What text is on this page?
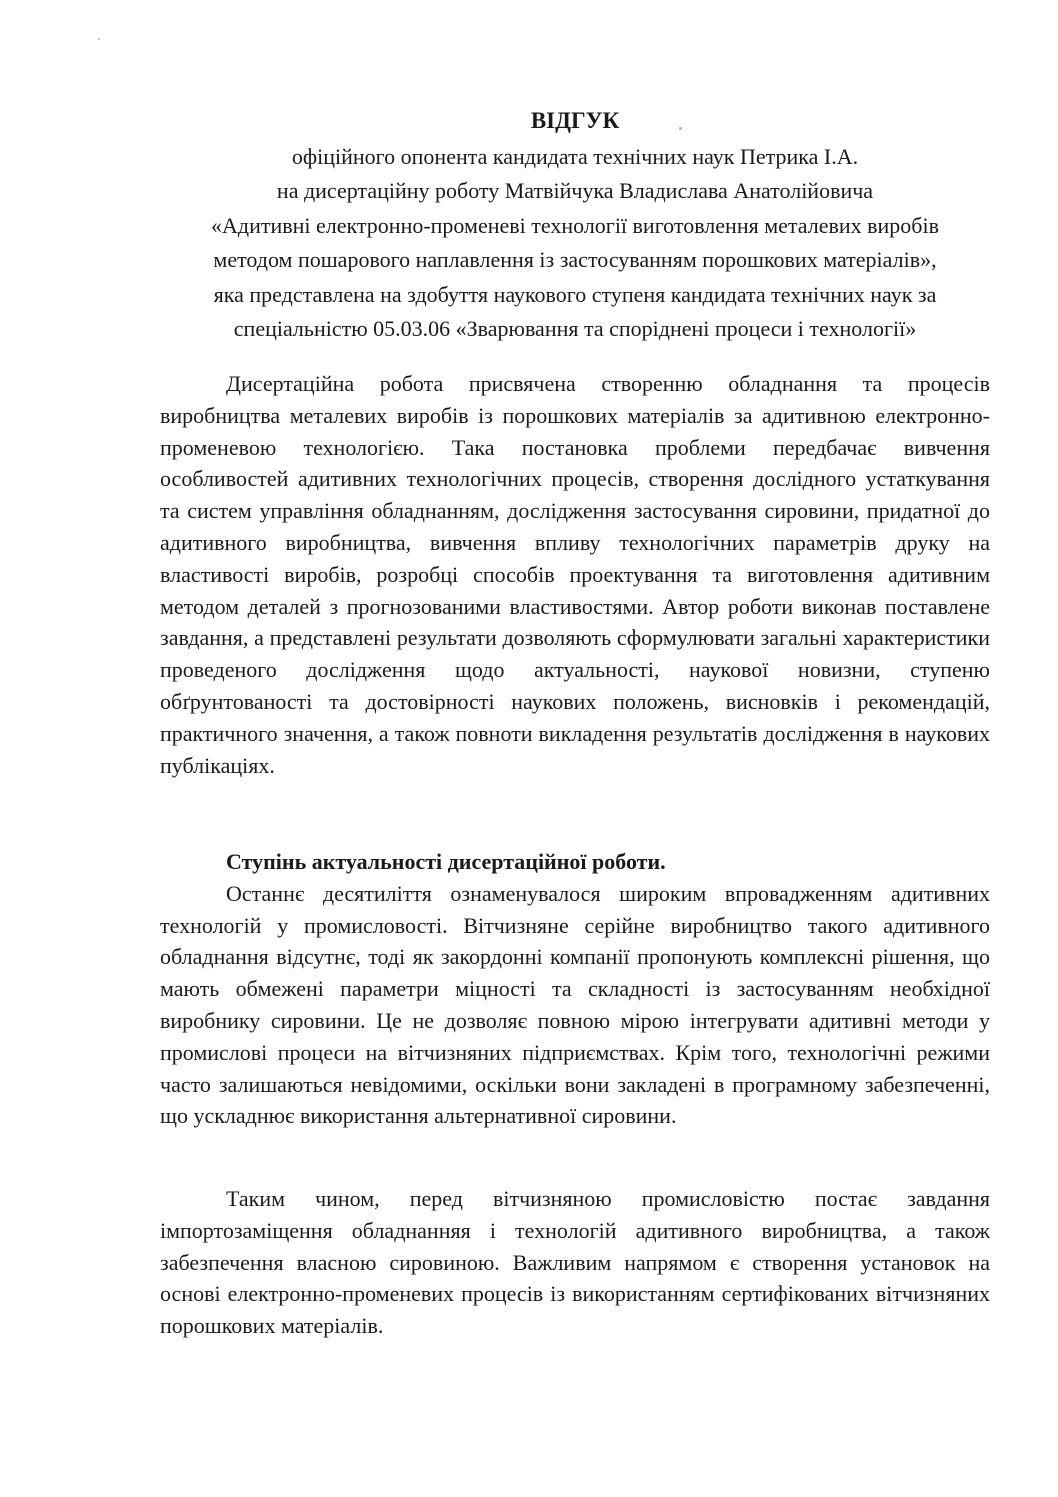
ВІДГУК
офіційного опонента кандидата технічних наук Петрика І.А.
на дисертаційну роботу Матвійчука Владислава Анатолійовича
«Адитивні електронно-променеві технології виготовлення металевих виробів
методом пошарового наплавлення із застосуванням порошкових матеріалів»,
яка представлена на здобуття наукового ступеня кандидата технічних наук за
спеціальністю 05.03.06 «Зварювання та споріднені процеси і технології»

Дисертаційна робота присвячена створенню обладнання та процесів виробництва металевих виробів із порошкових матеріалів за адитивною електронно-променевою технологією. Така постановка проблеми передбачає вивчення особливостей адитивних технологічних процесів, створення дослідного устаткування та систем управління обладнанням, дослідження застосування сировини, придатної до адитивного виробництва, вивчення впливу технологічних параметрів друку на властивості виробів, розробці способів проектування та виготовлення адитивним методом деталей з прогнозованими властивостями. Автор роботи виконав поставлене завдання, а представлені результати дозволяють сформулювати загальні характеристики проведеного дослідження щодо актуальності, наукової новизни, ступеню обґрунтованості та достовірності наукових положень, висновків і рекомендацій, практичного значення, а також повноти викладення результатів дослідження в наукових публікаціях.

Ступінь актуальності дисертаційної роботи.

Останнє десятиліття ознаменувалося широким впровадженням адитивних технологій у промисловості. Вітчизняне серійне виробництво такого адитивного обладнання відсутнє, тоді як закордонні компанії пропонують комплексні рішення, що мають обмежені параметри міцності та складності із застосуванням необхідної виробнику сировини. Це не дозволяє повною мірою інтегрувати адитивні методи у промислові процеси на вітчизняних підприємствах. Крім того, технологічні режими часто залишаються невідомими, оскільки вони закладені в програмному забезпеченні, що ускладнює використання альтернативної сировини.

Таким чином, перед вітчизняною промисловістю постає завдання імпортозаміщення обладнанняя і технологій адитивного виробництва, а також забезпечення власною сировиною. Важливим напрямом є створення установок на основі електронно-променевих процесів із використанням сертифікованих вітчизняних порошкових матеріалів.
